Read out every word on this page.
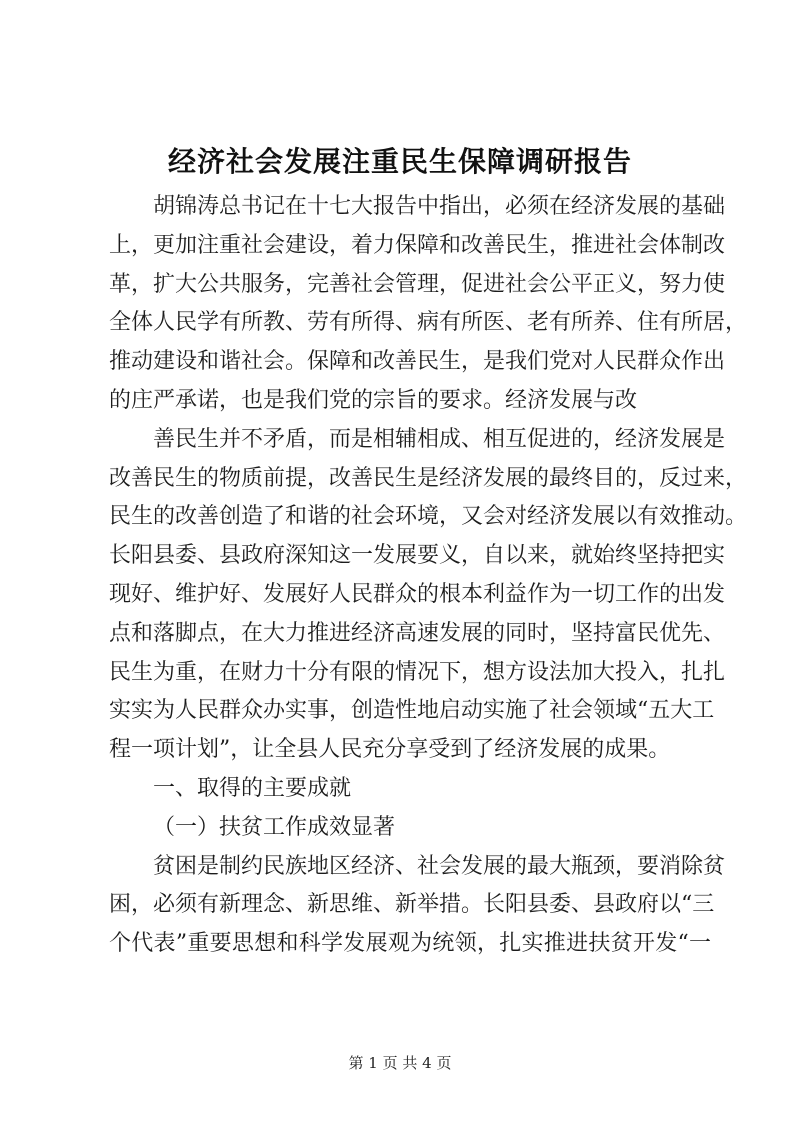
经济社会发展注重民生保障调研报告
胡锦涛总书记在十七大报告中指出，必须在经济发展的基础
上，更加注重社会建设，着力保障和改善民生，推进社会体制改
革，扩大公共服务，完善社会管理，促进社会公平正义，努力使
全体人民学有所教、劳有所得、病有所医、老有所养、住有所居，
推动建设和谐社会。保障和改善民生，是我们党对人民群众作出
的庄严承诺，也是我们党的宗旨的要求。经济发展与改
善民生并不矛盾，而是相辅相成、相互促进的，经济发展是
改善民生的物质前提，改善民生是经济发展的最终目的，反过来，
民生的改善创造了和谐的社会环境，又会对经济发展以有效推动。
长阳县委、县政府深知这一发展要义，自以来，就始终坚持把实
现好、维护好、发展好人民群众的根本利益作为一切工作的出发
点和落脚点，在大力推进经济高速发展的同时，坚持富民优先、
民生为重，在财力十分有限的情况下，想方设法加大投入，扎扎
实实为人民群众办实事，创造性地启动实施了社会领域“五大工
程一项计划”，让全县人民充分享受到了经济发展的成果。
一、取得的主要成就
（一）扶贫工作成效显著
贫困是制约民族地区经济、社会发展的最大瓶颈，要消除贫
困，必须有新理念、新思维、新举措。长阳县委、县政府以“三
个代表”重要思想和科学发展观为统领，扎实推进扶贫开发“一
第 1 页 共 4 页
